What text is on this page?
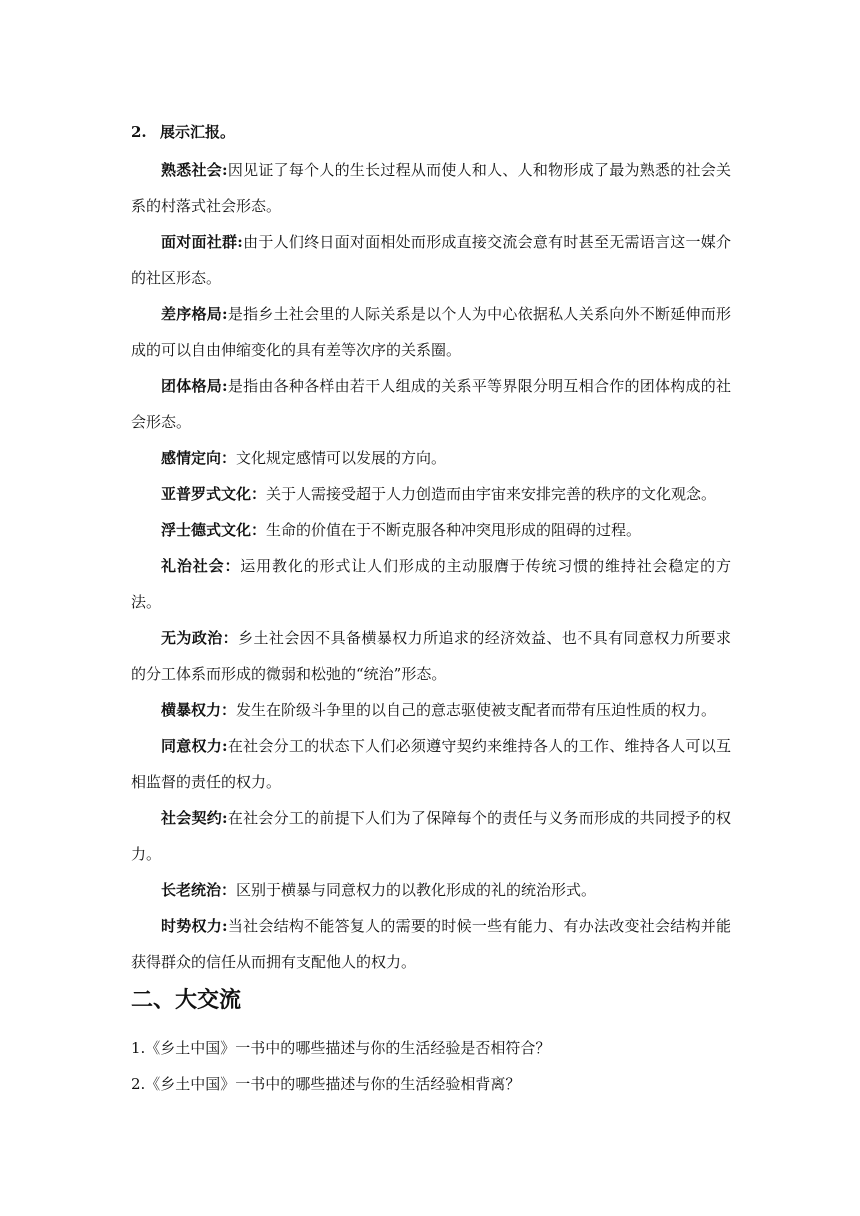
2. 展示汇报。

熟悉社会:因见证了每个人的生长过程从而使人和人、人和物形成了最为熟悉的社会关系的村落式社会形态。

面对面社群:由于人们终日面对面相处而形成直接交流会意有时甚至无需语言这一媒介的社区形态。

差序格局:是指乡土社会里的人际关系是以个人为中心依据私人关系向外不断延伸而形成的可以自由伸缩变化的具有差等次序的关系圈。

团体格局:是指由各种各样由若干人组成的关系平等界限分明互相合作的团体构成的社会形态。

感情定向：文化规定感情可以发展的方向。

亚普罗式文化：关于人需接受超于人力创造而由宇宙来安排完善的秩序的文化观念。

浮士德式文化：生命的价值在于不断克服各种冲突甩形成的阻碍的过程。

礼治社会：运用教化的形式让人们形成的主动服膺于传统习惯的维持社会稳定的方法。

无为政治：乡土社会因不具备横暴权力所追求的经济效益、也不具有同意权力所要求的分工体系而形成的微弱和松弛的“统治”形态。

横暴权力：发生在阶级斗争里的以自己的意志驱使被支配者而带有压迫性质的权力。

同意权力:在社会分工的状态下人们必须遵守契约来维持各人的工作、维持各人可以互相监督的责任的权力。

社会契约:在社会分工的前提下人们为了保障每个的责任与义务而形成的共同授予的权力。

长老统治：区别于横暴与同意权力的以教化形成的礼的统治形式。

时势权力:当社会结构不能答复人的需要的时候一些有能力、有办法改变社会结构并能获得群众的信任从而拥有支配他人的权力。

二、大交流

1.《乡土中国》一书中的哪些描述与你的生活经验是否相符合？

2.《乡土中国》一书中的哪些描述与你的生活经验相背离？
